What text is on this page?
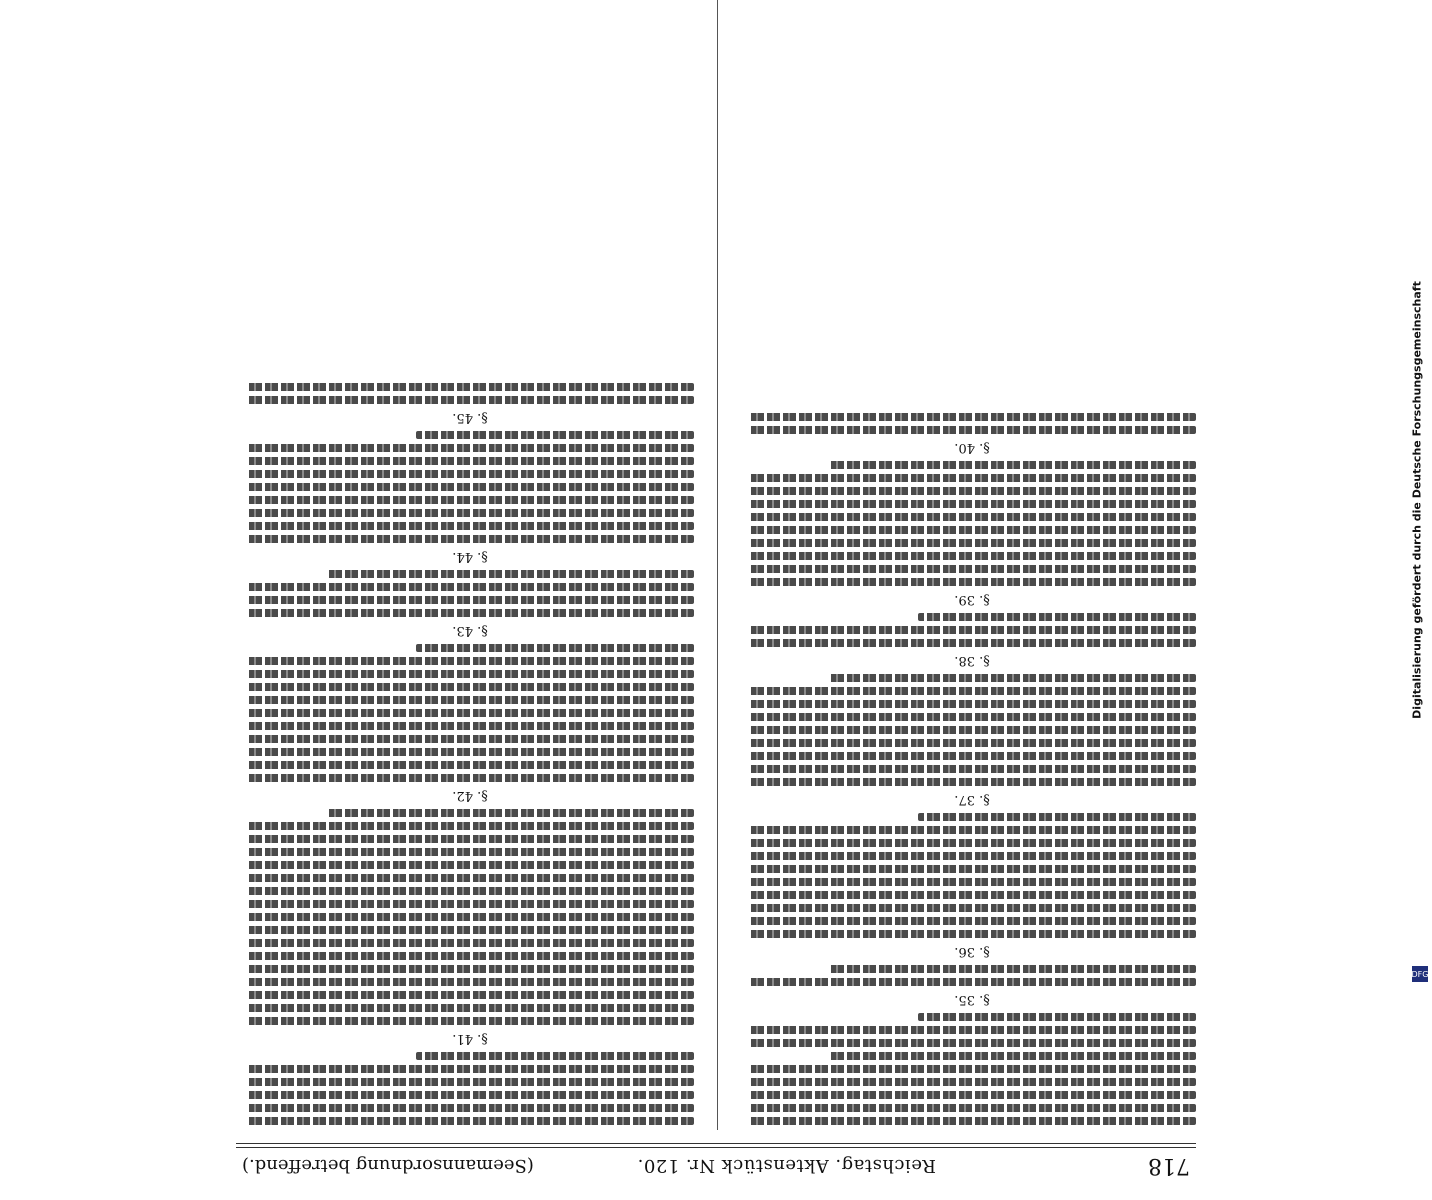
718
Reichstag. Aktenstück Nr. 120.
(Seemannsordnung betreffend.)
§. 35.
§. 36.
§. 37.
§. 38.
§. 39.
§. 40.
§. 41.
§. 42.
§. 43.
§. 44.
§. 45.	Digitalisierung gefördert durch die Deutsche Forschungsgemeinschaft
DFG
